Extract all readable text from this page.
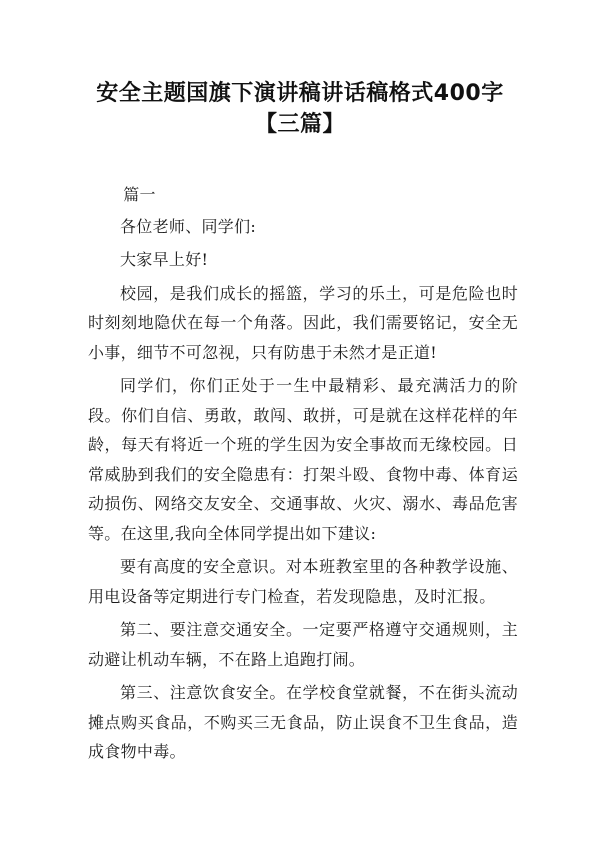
安全主题国旗下演讲稿讲话稿格式400字
【三篇】

篇一

各位老师、同学们:

大家早上好!

校园，是我们成长的摇篮，学习的乐土，可是危险也时时刻刻地隐伏在每一个角落。因此，我们需要铭记，安全无小事，细节不可忽视，只有防患于未然才是正道!

同学们，你们正处于一生中最精彩、最充满活力的阶段。你们自信、勇敢，敢闯、敢拼，可是就在这样花样的年龄，每天有将近一个班的学生因为安全事故而无缘校园。日常威胁到我们的安全隐患有：打架斗殴、食物中毒、体育运动损伤、网络交友安全、交通事故、火灾、溺水、毒品危害等。在这里,我向全体同学提出如下建议:

要有高度的安全意识。对本班教室里的各种教学设施、用电设备等定期进行专门检查，若发现隐患，及时汇报。

第二、要注意交通安全。一定要严格遵守交通规则，主动避让机动车辆，不在路上追跑打闹。

第三、注意饮食安全。在学校食堂就餐，不在街头流动摊点购买食品，不购买三无食品，防止误食不卫生食品，造成食物中毒。
